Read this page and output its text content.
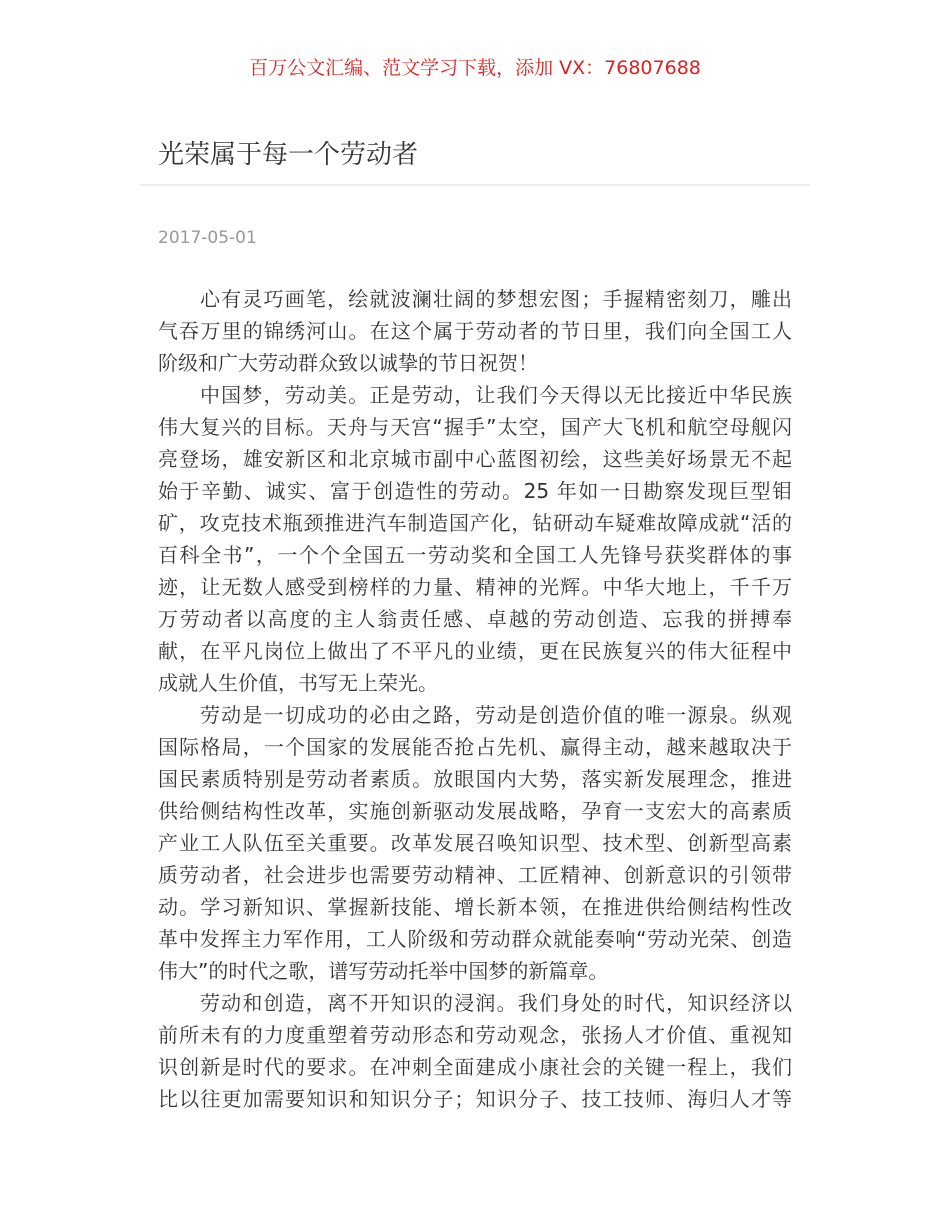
百万公文汇编、范文学习下载，添加 VX：76807688
光荣属于每一个劳动者
2017-05-01
心有灵巧画笔，绘就波澜壮阔的梦想宏图；手握精密刻刀，雕出
气吞万里的锦绣河山。在这个属于劳动者的节日里，我们向全国工人
阶级和广大劳动群众致以诚挚的节日祝贺！
中国梦，劳动美。正是劳动，让我们今天得以无比接近中华民族
伟大复兴的目标。天舟与天宫“握手”太空，国产大飞机和航空母舰闪
亮登场，雄安新区和北京城市副中心蓝图初绘，这些美好场景无不起
始于辛勤、诚实、富于创造性的劳动。25 年如一日勘察发现巨型钼
矿，攻克技术瓶颈推进汽车制造国产化，钻研动车疑难故障成就“活的
百科全书”，一个个全国五一劳动奖和全国工人先锋号获奖群体的事
迹，让无数人感受到榜样的力量、精神的光辉。中华大地上，千千万
万劳动者以高度的主人翁责任感、卓越的劳动创造、忘我的拼搏奉
献，在平凡岗位上做出了不平凡的业绩，更在民族复兴的伟大征程中
成就人生价值，书写无上荣光。
劳动是一切成功的必由之路，劳动是创造价值的唯一源泉。纵观
国际格局，一个国家的发展能否抢占先机、赢得主动，越来越取决于
国民素质特别是劳动者素质。放眼国内大势，落实新发展理念，推进
供给侧结构性改革，实施创新驱动发展战略，孕育一支宏大的高素质
产业工人队伍至关重要。改革发展召唤知识型、技术型、创新型高素
质劳动者，社会进步也需要劳动精神、工匠精神、创新意识的引领带
动。学习新知识、掌握新技能、增长新本领，在推进供给侧结构性改
革中发挥主力军作用，工人阶级和劳动群众就能奏响“劳动光荣、创造
伟大”的时代之歌，谱写劳动托举中国梦的新篇章。
劳动和创造，离不开知识的浸润。我们身处的时代，知识经济以
前所未有的力度重塑着劳动形态和劳动观念，张扬人才价值、重视知
识创新是时代的要求。在冲刺全面建成小康社会的关键一程上，我们
比以往更加需要知识和知识分子；知识分子、技工技师、海归人才等
